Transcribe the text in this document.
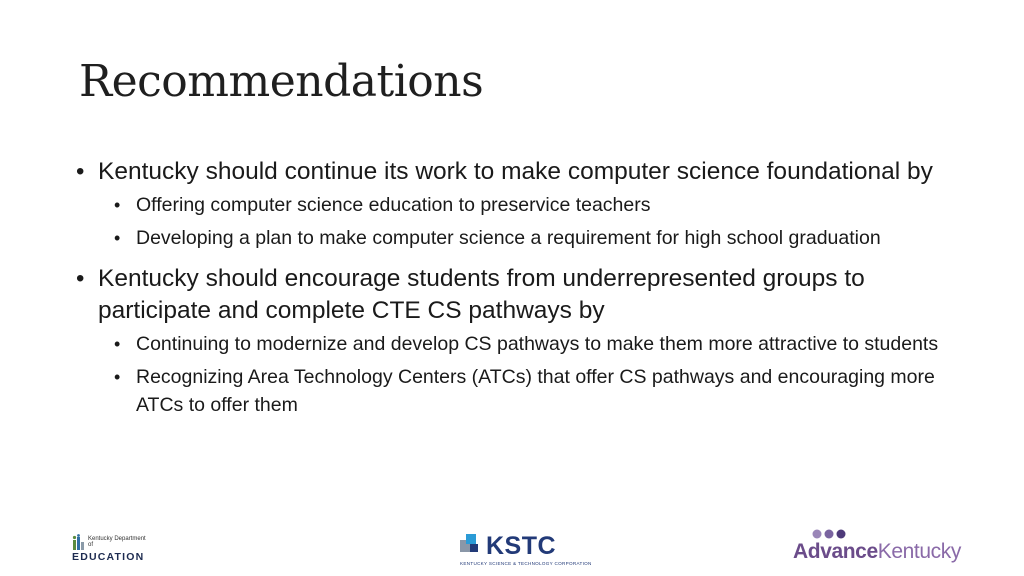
Recommendations
• Kentucky should continue its work to make computer science foundational by
• Offering computer science education to preservice teachers
• Developing a plan to make computer science a requirement for high school graduation
• Kentucky should encourage students from underrepresented groups to participate and complete CTE CS pathways by
• Continuing to modernize and develop CS pathways to make them more attractive to students
• Recognizing Area Technology Centers (ATCs) that offer CS pathways and encouraging more ATCs to offer them
Kentucky Department of
EDUCATION	KSTC
KENTUCKY SCIENCE & TECHNOLOGY CORPORATION
AdvanceKentucky
